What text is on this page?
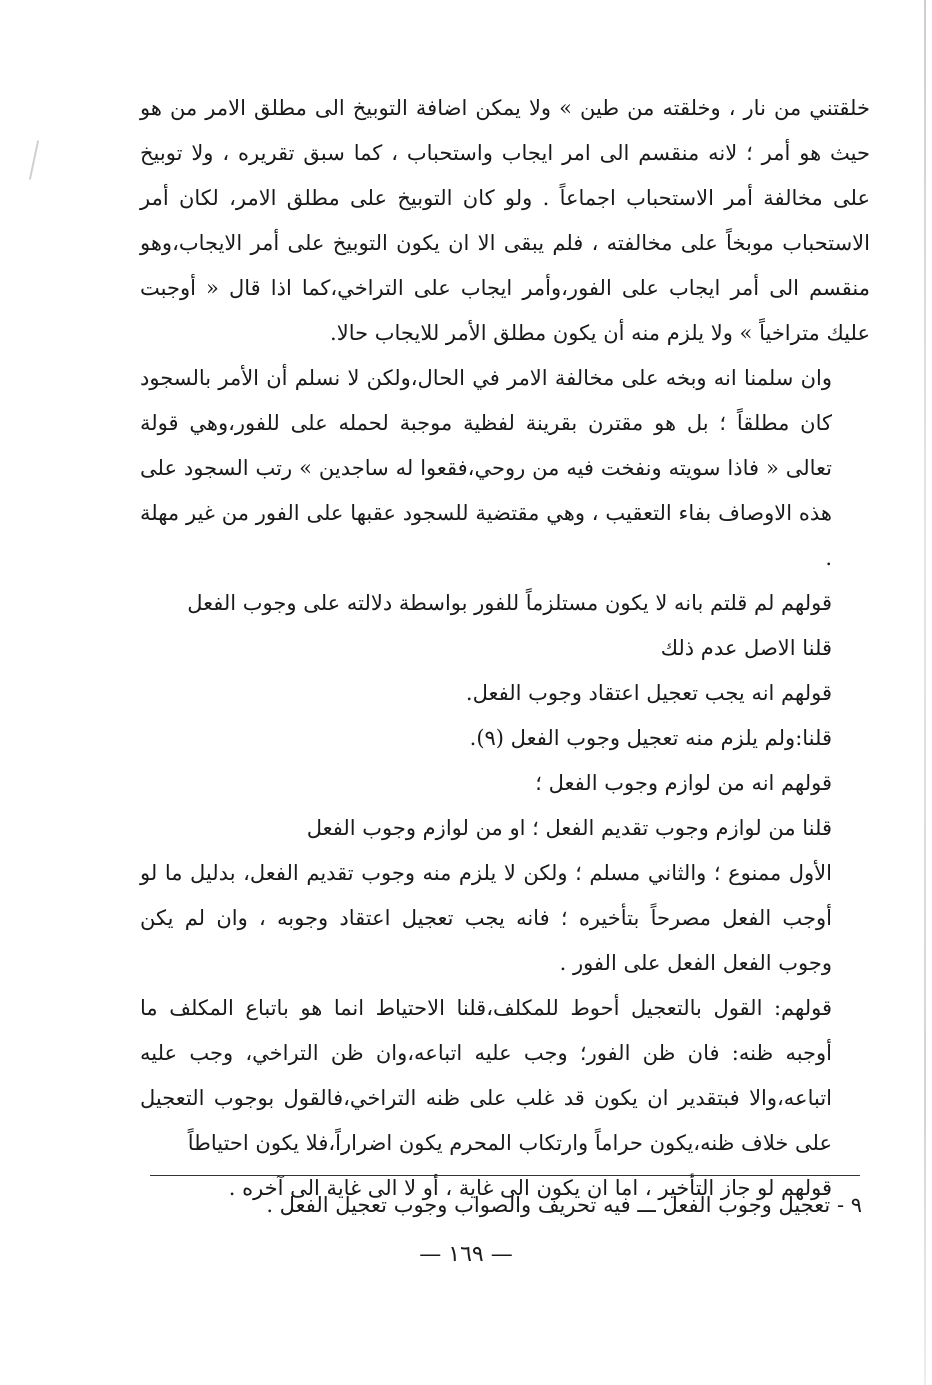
خلقتني من نار ، وخلقته من طين » ولا يمكن اضافة التوبيخ الى مطلق الامر من هو حيث هو أمر ؛ لانه منقسم الى امر ايجاب واستحباب ، كما سبق تقريره ، ولا توبيخ على مخالفة أمر الاستحباب اجماعاً . ولو كان التوبيخ على مطلق الامر، لكان أمر الاستحباب موبخاً على مخالفته ، فلم يبقى الا ان يكون التوبيخ على أمر الايجاب،وهو منقسم الى أمر ايجاب على الفور،وأمر ايجاب على التراخي،كما اذا قال « أوجبت عليك متراخياً » ولا يلزم منه أن يكون مطلق الأمر للايجاب حالا.

وان سلمنا انه وبخه على مخالفة الامر في الحال،ولكن لا نسلم أن الأمر بالسجود كان مطلقاً ؛ بل هو مقترن بقرينة لفظية موجبة لحمله على للفور،وهي قولة تعالى « فاذا سويته ونفخت فيه من روحي،فقعوا له ساجدين » رتب السجود على هذه الاوصاف بفاء التعقيب ، وهي مقتضية للسجود عقبها على الفور من غير مهلة .

قولهم لم قلتم بانه لا يكون مستلزماً للفور بواسطة دلالته على وجوب الفعل

قلنا الاصل عدم ذلك

قولهم انه يجب تعجيل اعتقاد وجوب الفعل.

قلنا:ولم يلزم منه تعجيل وجوب الفعل (٩).

قولهم انه من لوازم وجوب الفعل ؛

قلنا من لوازم وجوب تقديم الفعل ؛ او من لوازم وجوب الفعل

الأول ممنوع ؛ والثاني مسلم ؛ ولكن لا يلزم منه وجوب تقديم الفعل، بدليل ما لو أوجب الفعل مصرحاً بتأخيره ؛ فانه يجب تعجيل اعتقاد وجوبه ، وان لم يكن وجوب الفعل الفعل على الفور .

قولهم: القول بالتعجيل أحوط للمكلف،قلنا الاحتياط انما هو باتباع المكلف ما أوجبه ظنه: فان ظن الفور؛ وجب عليه اتباعه،وان ظن التراخي، وجب عليه اتباعه،والا فبتقدير ان يكون قد غلب على ظنه التراخي،فالقول بوجوب التعجيل على خلاف ظنه،يكون حراماً وارتكاب المحرم يكون اضراراً،فلا يكون احتياطاً

قولهم لو جاز التأخير ، اما ان يكون الى غاية ، أو لا الى غاية الى آخره .

٩ - تعجيل وجوب الفعل ـــ فيه تحريف والصواب وجوب تعجيل الفعل .

— ١٦٩ —
